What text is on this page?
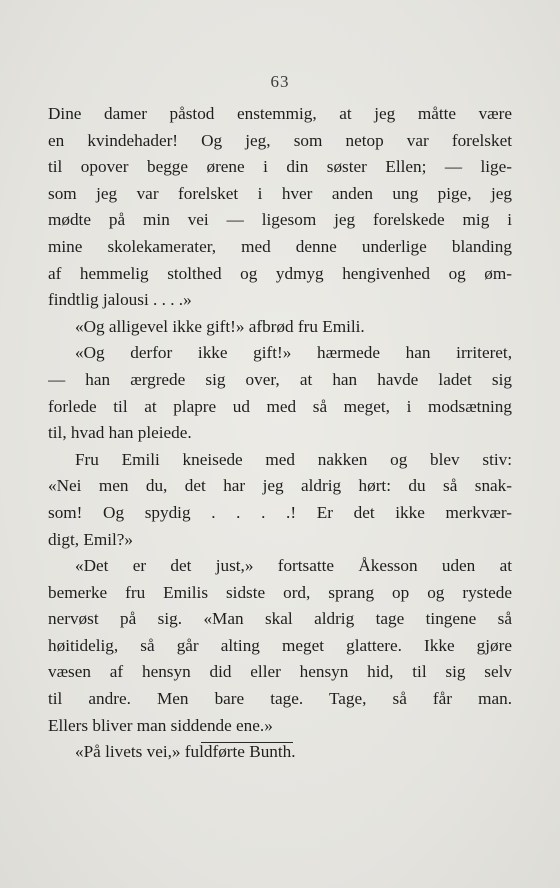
63
Dine damer påstod enstemmig, at jeg måtte være
en kvindehader! Og jeg, som netop var forelsket
til opover begge ørene i din søster Ellen; — lige-
som jeg var forelsket i hver anden ung pige, jeg
mødte på min vei — ligesom jeg forelskede mig i
mine skolekamerater, med denne underlige blanding
af hemmelig stolthed og ydmyg hengivenhed og øm-
findtlig jalousi . . . .»
«Og alligevel ikke gift!» afbrød fru Emili.
«Og derfor ikke gift!» hærmede han irriteret,
— han ærgrede sig over, at han havde ladet sig
forlede til at plapre ud med så meget, i modsætning
til, hvad han pleiede.
Fru Emili kneisede med nakken og blev stiv:
«Nei men du, det har jeg aldrig hørt: du så snak-
som! Og spydig . . . .! Er det ikke merkvær-
digt, Emil?»
«Det er det just,» fortsatte Åkesson uden at
bemerke fru Emilis sidste ord, sprang op og rystede
nervøst på sig. «Man skal aldrig tage tingene så
høitidelig, så går alting meget glattere. Ikke gjøre
væsen af hensyn did eller hensyn hid, til sig selv
til andre. Men bare tage. Tage, så får man.
Ellers bliver man siddende ene.»
«På livets vei,» fuldførte Bunth.
